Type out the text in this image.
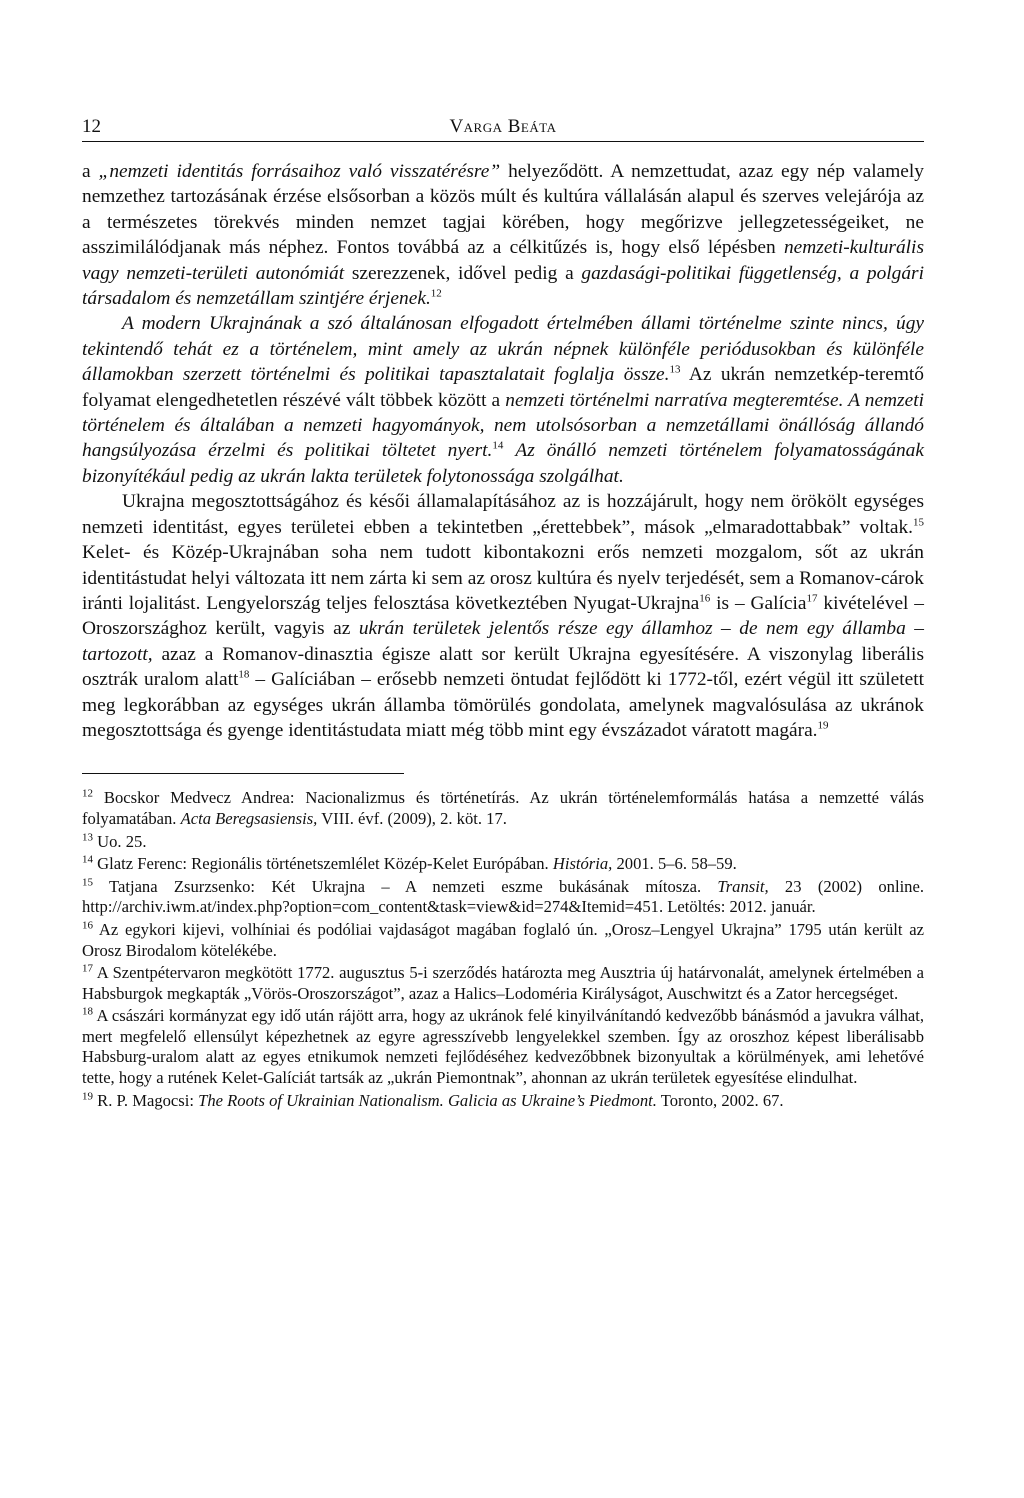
12	Varga Beáta

a „nemzeti identitás forrásaihoz való visszatérésre” helyeződött. A nemzettudat, azaz egy nép valamely nemzethez tartozásának érzése elsősorban a közös múlt és kultúra vállalásán alapul és szerves velejárója az a természetes törekvés minden nemzet tagjai körében, hogy megőrizve jellegzetességeiket, ne asszimilálódjanak más néphez. Fontos továbbá az a célkitűzés is, hogy első lépésben nemzeti-kulturális vagy nemzeti-területi autonómiát szerezzenek, idővel pedig a gazdasági-politikai függetlenség, a polgári társadalom és nemzetállam szintjére érjenek.$^{12}$

A modern Ukrajnának a szó általánosan elfogadott értelmében állami történelme szinte nincs, úgy tekintendő tehát ez a történelem, mint amely az ukrán népnek különféle periódusokban és különféle államokban szerzett történelmi és politikai tapasztalatait foglalja össze.$^{13}$ Az ukrán nemzetkép-teremtő folyamat elengedhetetlen részévé vált többek között a nemzeti történelmi narratíva megteremtése. A nemzeti történelem és általában a nemzeti hagyományok, nem utolsósorban a nemzetállami önállóság állandó hangsúlyozása érzelmi és politikai töltetet nyert.$^{14}$ Az önálló nemzeti történelem folyamatosságának bizonyítékául pedig az ukrán lakta területek folytonossága szolgálhat.

Ukrajna megosztottságához és késői államalapításához az is hozzájárult, hogy nem örökölt egységes nemzeti identitást, egyes területei ebben a tekintetben „érettebbek”, mások „elmaradottabbak” voltak.$^{15}$ Kelet- és Közép-Ukrajnában soha nem tudott kibontakozni erős nemzeti mozgalom, sőt az ukrán identitástudat helyi változata itt nem zárta ki sem az orosz kultúra és nyelv terjedését, sem a Romanov-cárok iránti lojalitást. Lengyelország teljes felosztása következtében Nyugat-Ukrajna$^{16}$ is – Galícia$^{17}$ kivételével – Oroszországhoz került, vagyis az ukrán területek jelentős része egy államhoz – de nem egy államba – tartozott, azaz a Romanov-dinasztia égisze alatt sor került Ukrajna egyesítésére. A viszonylag liberális osztrák uralom alatt$^{18}$ – Galíciában – erősebb nemzeti öntudat fejlődött ki 1772-től, ezért végül itt született meg legkorábban az egységes ukrán államba tömörülés gondolata, amelynek magvalósulása az ukránok megosztottsága és gyenge identitástudata miatt még több mint egy évszázadot váratott magára.$^{19}$

$^{12}$ Bocskor Medvecz Andrea: Nacionalizmus és történetírás. Az ukrán történelemformálás hatása a nemzetté válás folyamatában. Acta Beregsasiensis, VIII. évf. (2009), 2. köt. 17.

$^{13}$ Uo. 25.

$^{14}$ Glatz Ferenc: Regionális történetszemlélet Közép-Kelet Európában. História, 2001. 5–6. 58–59.

$^{15}$ Tatjana Zsurzsenko: Két Ukrajna – A nemzeti eszme bukásának mítosza. Transit, 23 (2002) online. http://archiv.iwm.at/index.php?option=com_content&task=view&id=274&Itemid=451. Letöltés: 2012. január.

$^{16}$ Az egykori kijevi, volhíniai és podóliai vajdaságot magában foglaló ún. „Orosz–Lengyel Ukrajna” 1795 után került az Orosz Birodalom kötelékébe.

$^{17}$ A Szentpétervaron megkötött 1772. augusztus 5-i szerződés határozta meg Ausztria új határvonalát, amelynek értelmében a Habsburgok megkapták „Vörös-Oroszországot”, azaz a Halics–Lodoméria Királyságot, Auschwitzt és a Zator hercegséget.

$^{18}$ A császári kormányzat egy idő után rájött arra, hogy az ukránok felé kinyilvánítandó kedvezőbb bánásmód a javukra válhat, mert megfelelő ellensúlyt képezhetnek az egyre agresszívebb lengyelekkel szemben. Így az oroszhoz képest liberálisabb Habsburg-uralom alatt az egyes etnikumok nemzeti fejlődéséhez kedvezőbbnek bizonyultak a körülmények, ami lehetővé tette, hogy a rutének Kelet-Galíciát tartsák az „ukrán Piemontnak”, ahonnan az ukrán területek egyesítése elindulhat.

$^{19}$ R. P. Magocsi: The Roots of Ukrainian Nationalism. Galicia as Ukraine’s Piedmont. Toronto, 2002. 67.
